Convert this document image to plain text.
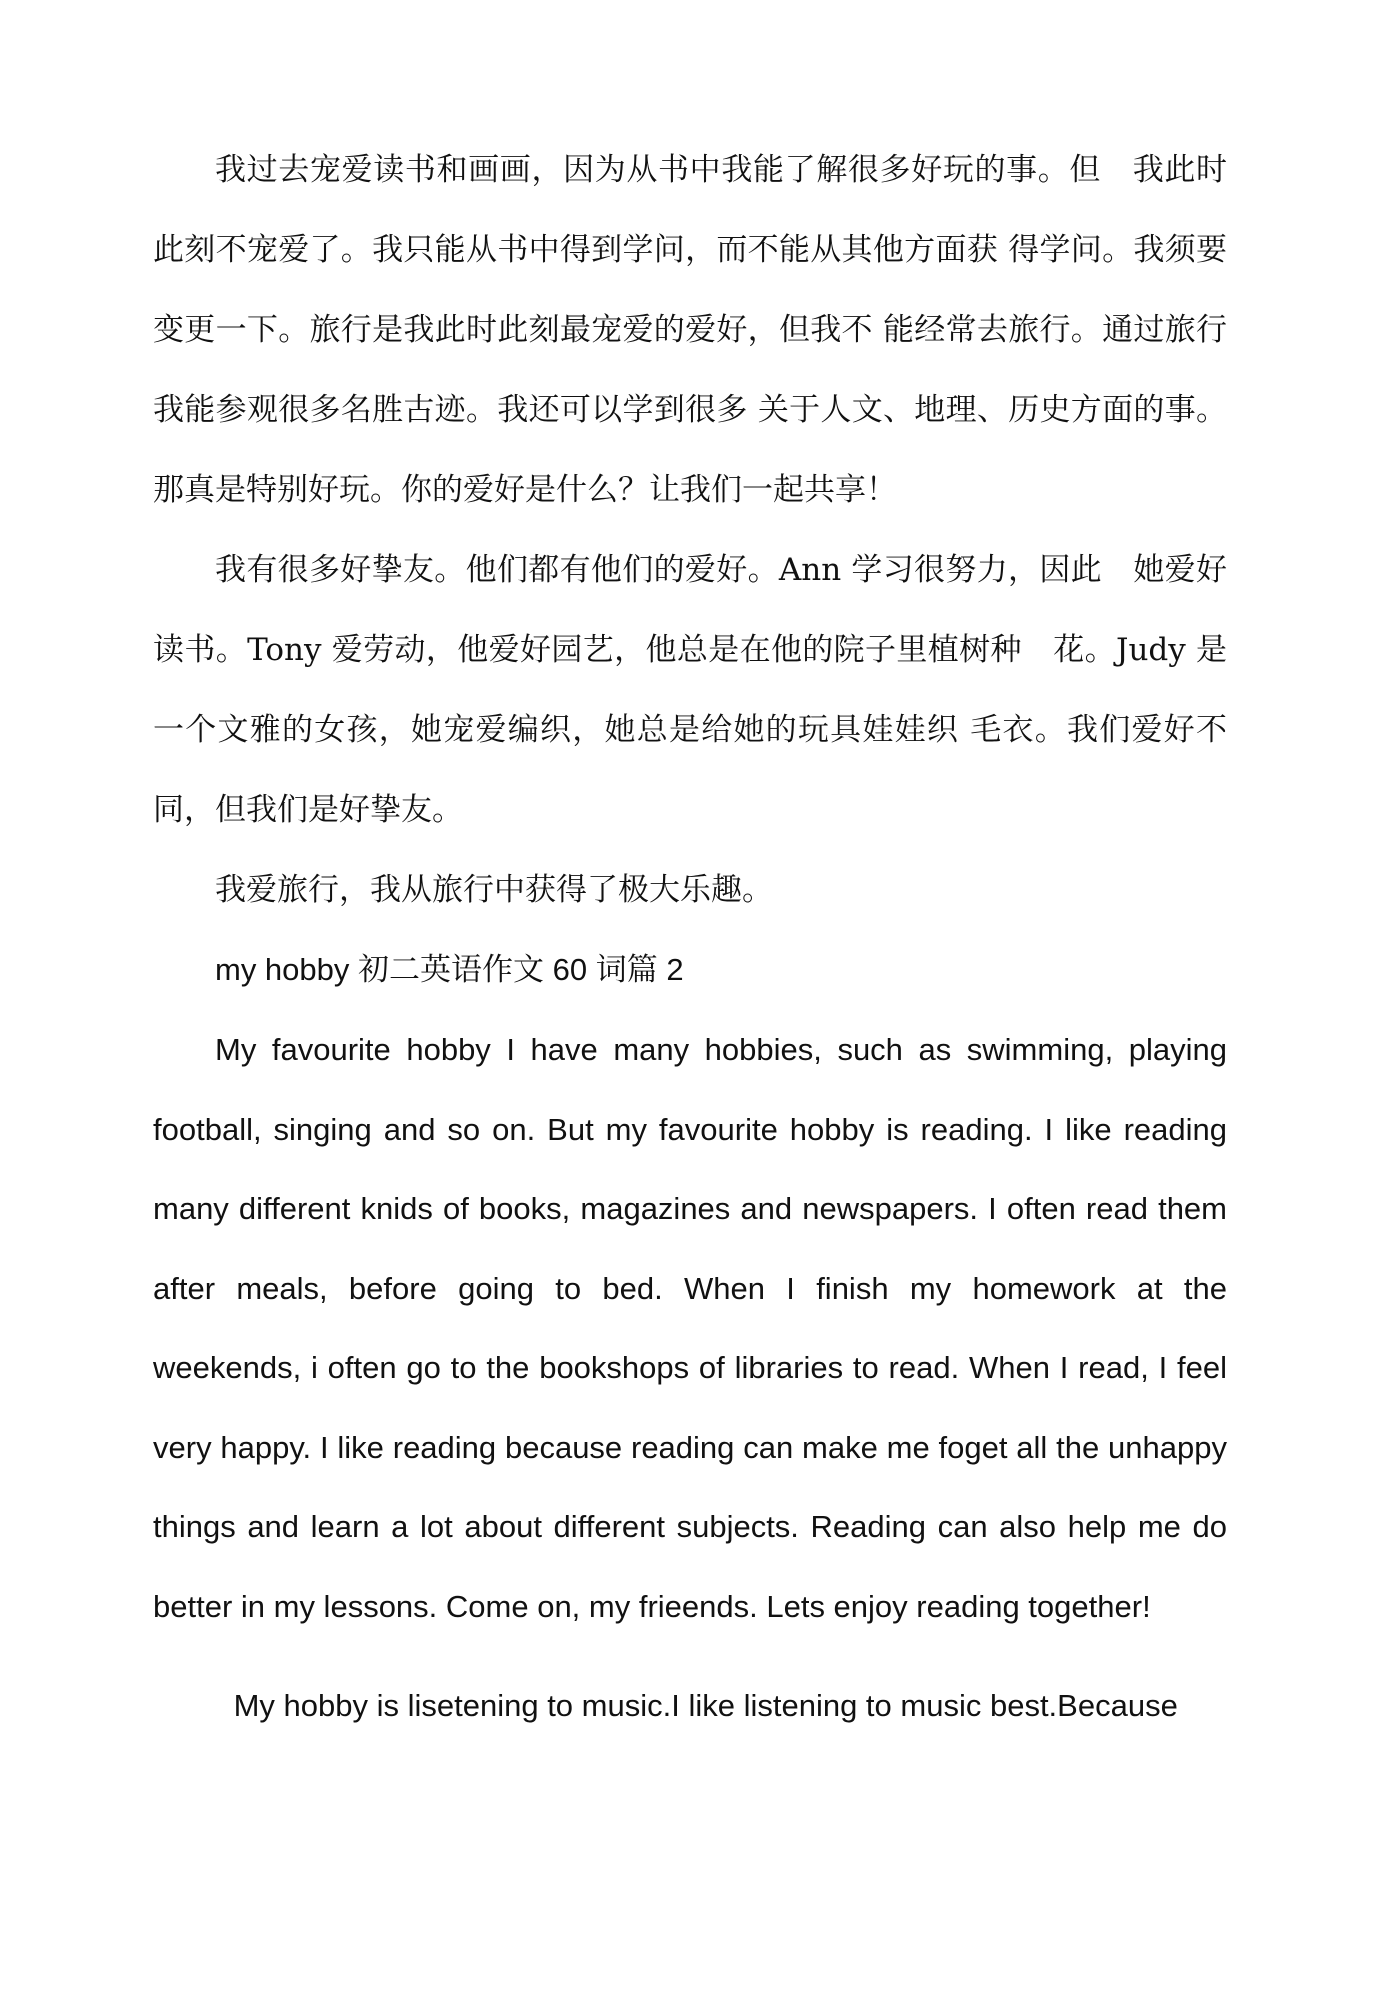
我过去宠爱读书和画画，因为从书中我能了解很多好玩的事。但　我此时此刻不宠爱了。我只能从书中得到学问，而不能从其他方面获 得学问。我须要变更一下。旅行是我此时此刻最宠爱的爱好，但我不 能经常去旅行。通过旅行我能参观很多名胜古迹。我还可以学到很多 关于人文、地理、历史方面的事。那真是特别好玩。你的爱好是什么？让我们一起共享！

我有很多好挚友。他们都有他们的爱好。Ann 学习很努力，因此　她爱好读书。Tony 爱劳动，他爱好园艺，他总是在他的院子里植树种　花。Judy 是一个文雅的女孩，她宠爱编织，她总是给她的玩具娃娃织 毛衣。我们爱好不同，但我们是好挚友。

我爱旅行，我从旅行中获得了极大乐趣。

my hobby 初二英语作文 60 词篇 2

My favourite hobby I have many hobbies, such as swimming, playing football, singing and so on. But my favourite hobby is reading. I like reading many different knids of books, magazines and newspapers. I often read them after meals, before going to bed. When I finish my homework at the weekends, i often go to the bookshops of libraries to read. When I read, I feel very happy. I like reading because reading can make me foget all the unhappy things and learn a lot about different subjects. Reading can also help me do better in my lessons. Come on, my frieends. Lets enjoy reading together!

My hobby is lisetening to music.I like listening to music best.Because
